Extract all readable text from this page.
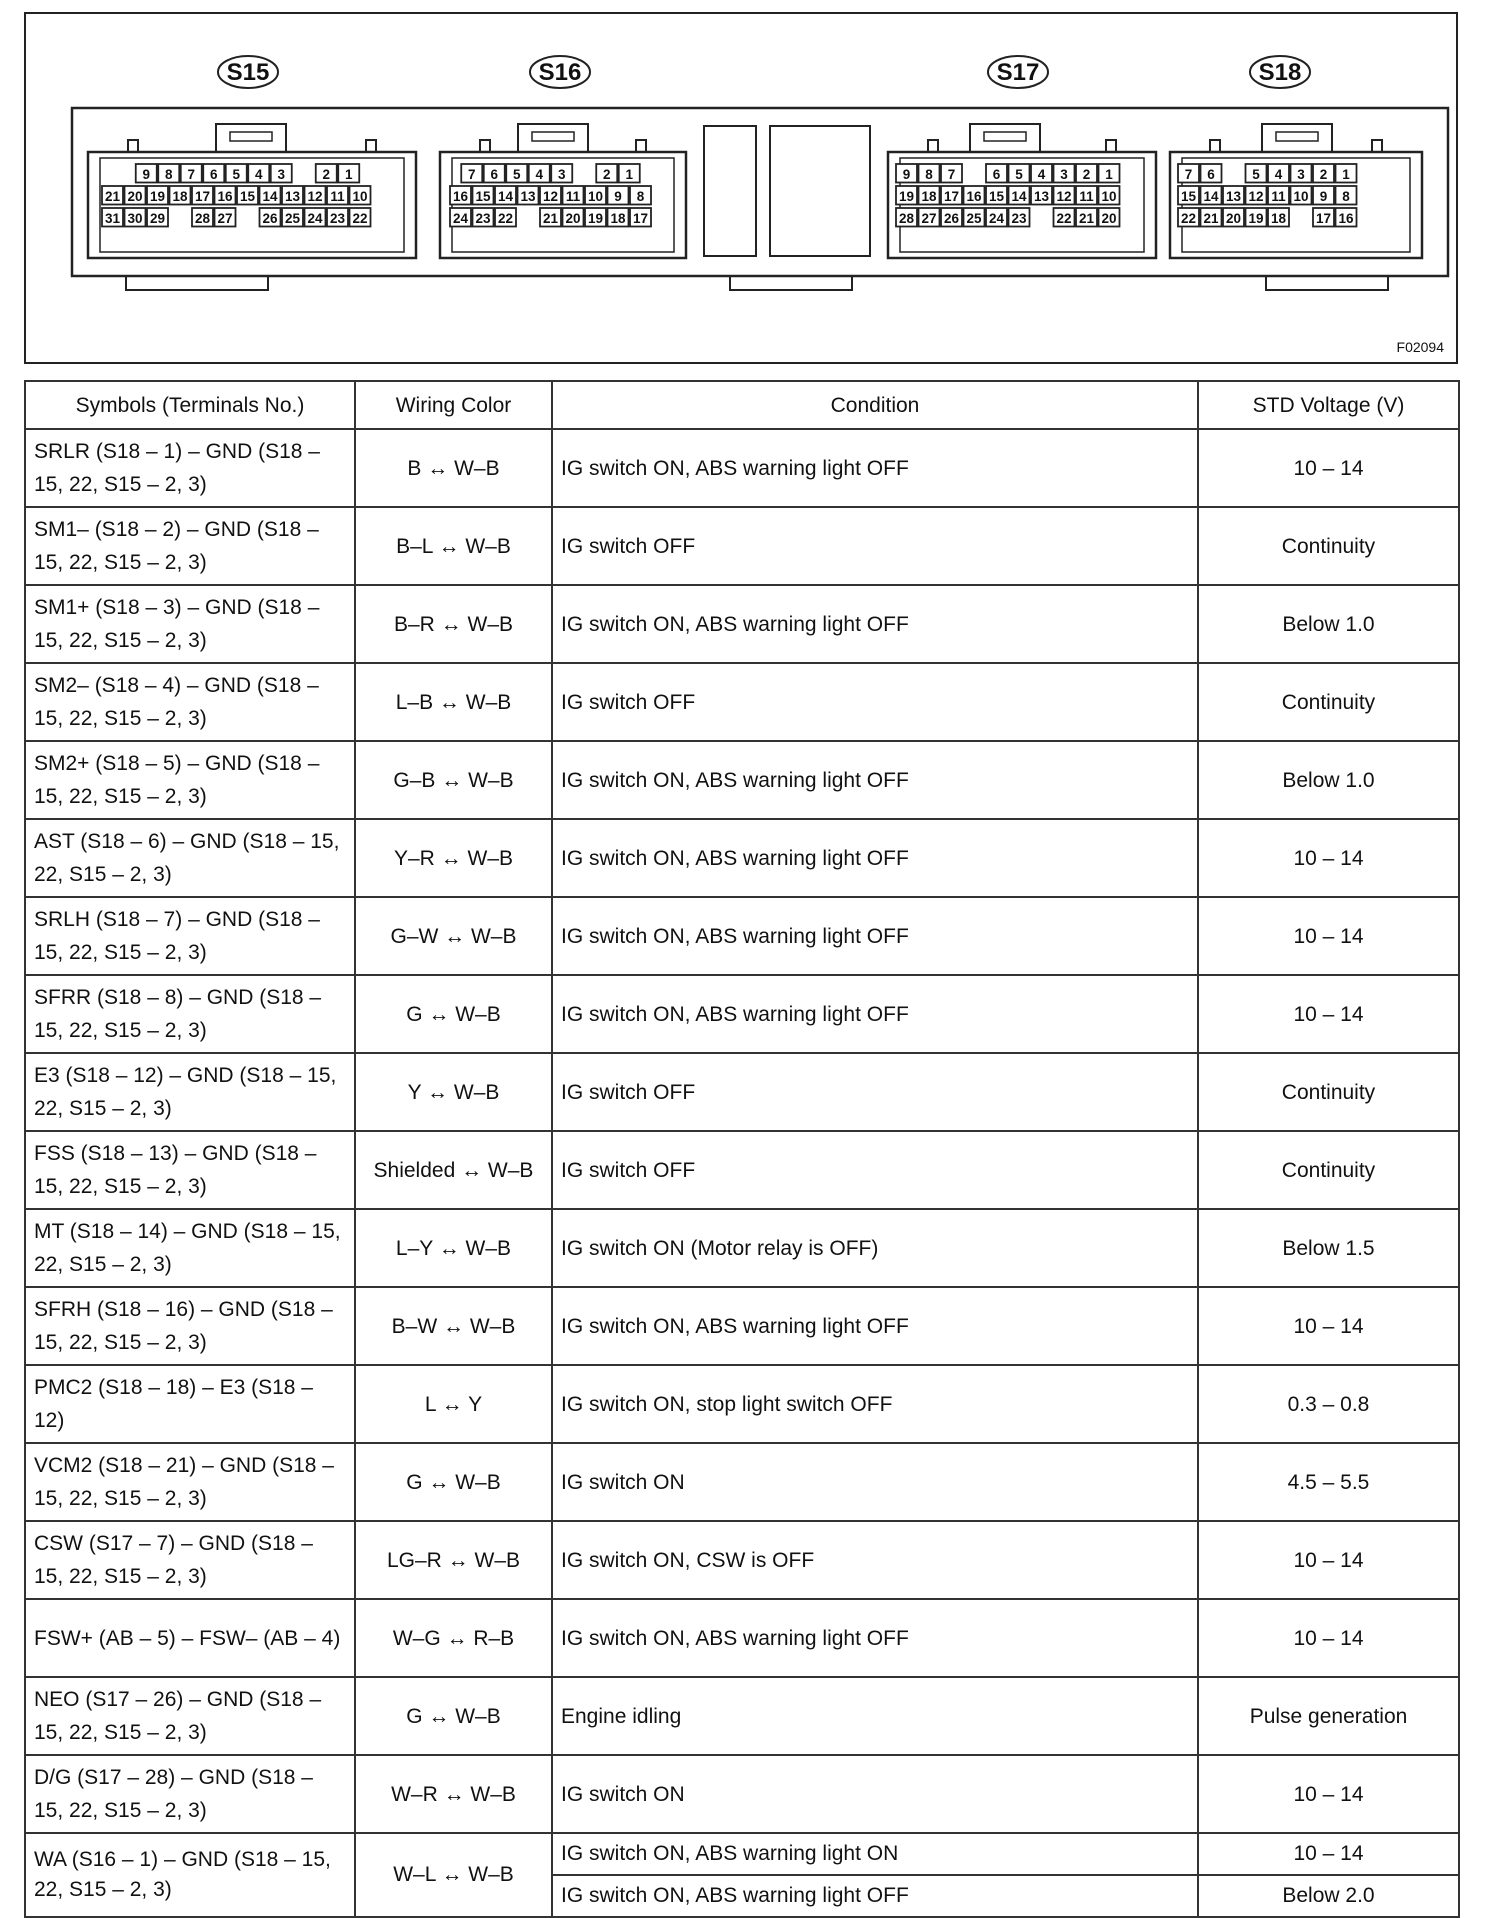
S15
9 8 7 6 5 4 3	2 1
21 20 19 18 17 16 15 14 13 12 11 10
31 30 29 28 27 26 25 24 23 22
S16
7 6 5 4 3	2 1
16 15 14 13 12 11 10 9 8
24 23 22 21 20 19 18 17
S17
9 8 7	6 5 4 3 2 1
19 18 17 16 15 14 13 12 11 10
28 27 26 25 24 23 22 21 20
S18
7 6	5 4 3 2 1
15 14 13 12 11 10 9 8
22 21 20 19 18 17 16
F02094
Symbols (Terminals No.)	Wiring Color	Condition	STD Voltage (V)
SRLR (S18 – 1) – GND (S18 – 15, 22, S15 – 2, 3)	B ↔ W–B	IG switch ON, ABS warning light OFF	10 – 14
SM1– (S18 – 2) – GND (S18 – 15, 22, S15 – 2, 3)	B–L ↔ W–B	IG switch OFF	Continuity
SM1+ (S18 – 3) – GND (S18 – 15, 22, S15 – 2, 3)	B–R ↔ W–B	IG switch ON, ABS warning light OFF	Below 1.0
SM2– (S18 – 4) – GND (S18 – 15, 22, S15 – 2, 3)	L–B ↔ W–B	IG switch OFF	Continuity
SM2+ (S18 – 5) – GND (S18 – 15, 22, S15 – 2, 3)	G–B ↔ W–B	IG switch ON, ABS warning light OFF	Below 1.0
AST (S18 – 6) – GND (S18 – 15, 22, S15 – 2, 3)	Y–R ↔ W–B	IG switch ON, ABS warning light OFF	10 – 14
SRLH (S18 – 7) – GND (S18 – 15, 22, S15 – 2, 3)	G–W ↔ W–B	IG switch ON, ABS warning light OFF	10 – 14
SFRR (S18 – 8) – GND (S18 – 15, 22, S15 – 2, 3)	G ↔ W–B	IG switch ON, ABS warning light OFF	10 – 14
E3 (S18 – 12) – GND (S18 – 15, 22, S15 – 2, 3)	Y ↔ W–B	IG switch OFF	Continuity
FSS (S18 – 13) – GND (S18 – 15, 22, S15 – 2, 3)	Shielded ↔ W–B	IG switch OFF	Continuity
MT (S18 – 14) – GND (S18 – 15, 22, S15 – 2, 3)	L–Y ↔ W–B	IG switch ON (Motor relay is OFF)	Below 1.5
SFRH (S18 – 16) – GND (S18 – 15, 22, S15 – 2, 3)	B–W ↔ W–B	IG switch ON, ABS warning light OFF	10 – 14
PMC2 (S18 – 18) – E3 (S18 – 12)	L ↔ Y	IG switch ON, stop light switch OFF	0.3 – 0.8
VCM2 (S18 – 21) – GND (S18 – 15, 22, S15 – 2, 3)	G ↔ W–B	IG switch ON	4.5 – 5.5
CSW (S17 – 7) – GND (S18 – 15, 22, S15 – 2, 3)	LG–R ↔ W–B	IG switch ON, CSW is OFF	10 – 14
FSW+ (AB – 5) – FSW– (AB – 4)	W–G ↔ R–B	IG switch ON, ABS warning light OFF	10 – 14
NEO (S17 – 26) – GND (S18 – 15, 22, S15 – 2, 3)	G ↔ W–B	Engine idling	Pulse generation
D/G (S17 – 28) – GND (S18 – 15, 22, S15 – 2, 3)	W–R ↔ W–B	IG switch ON	10 – 14
WA (S16 – 1) – GND (S18 – 15, 22, S15 – 2, 3)	W–L ↔ W–B	IG switch ON, ABS warning light ON	10 – 14
		IG switch ON, ABS warning light OFF	Below 2.0
